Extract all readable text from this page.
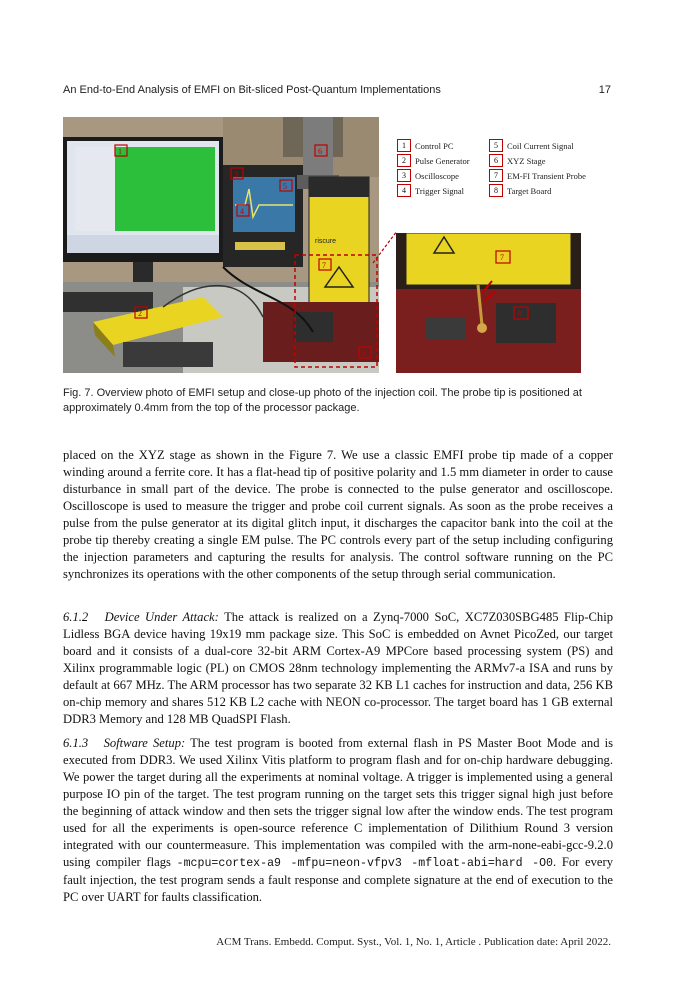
An End-to-End Analysis of EMFI on Bit-sliced Post-Quantum Implementations	17
riscure
1
2
3
4
5
6
7
8
7
8
1	Control PC
2	Pulse Generator
3	Oscilloscope
4	Trigger Signal
5	Coil Current Signal
6	XYZ Stage
7	EM-FI Transient Probe
8	Target Board
Fig. 7. Overview photo of EMFI setup and close-up photo of the injection coil. The probe tip is positioned at approximately 0.4mm from the top of the processor package.
placed on the XYZ stage as shown in the Figure 7. We use a classic EMFI probe tip made of a copper winding around a ferrite core. It has a flat-head tip of positive polarity and 1.5 mm diameter in order to cause disturbance in small part of the device. The probe is connected to the pulse generator and oscilloscope. Oscilloscope is used to measure the trigger and probe coil current signals. As soon as the probe receives a pulse from the pulse generator at its digital glitch input, it discharges the capacitor bank into the coil at the probe tip thereby creating a single EM pulse. The PC controls every part of the setup including configuring the injection parameters and capturing the results for analysis. The control software running on the PC synchronizes its operations with the other components of the setup through serial communication.
6.1.2 Device Under Attack: The attack is realized on a Zynq-7000 SoC, XC7Z030SBG485 Flip-Chip Lidless BGA device having 19x19 mm package size. This SoC is embedded on Avnet PicoZed, our target board and it consists of a dual-core 32-bit ARM Cortex-A9 MPCore based processing system (PS) and Xilinx programmable logic (PL) on CMOS 28nm technology implementing the ARMv7-a ISA and runs by default at 667 MHz. The ARM processor has two separate 32 KB L1 caches for instruction and data, 256 KB on-chip memory and shares 512 KB L2 cache with NEON co-processor. The target board has 1 GB external DDR3 Memory and 128 MB QuadSPI Flash.
6.1.3 Software Setup: The test program is booted from external flash in PS Master Boot Mode and is executed from DDR3. We used Xilinx Vitis platform to program flash and for on-chip hardware debugging. We power the target during all the experiments at nominal voltage. A trigger is implemented using a general purpose IO pin of the target. The test program running on the target sets this trigger signal high just before the beginning of attack window and then sets the trigger signal low after the window ends. The test program used for all the experiments is open-source reference C implementation of Dilithium Round 3 version integrated with our countermeasure. This implementation was compiled with the arm-none-eabi-gcc-9.2.0 using compiler flags -mcpu=cortex-a9 -mfpu=neon-vfpv3 -mfloat-abi=hard -O0. For every fault injection, the test program sends a fault response and complete signature at the end of execution to the PC over UART for faults classification.
ACM Trans. Embedd. Comput. Syst., Vol. 1, No. 1, Article . Publication date: April 2022.
